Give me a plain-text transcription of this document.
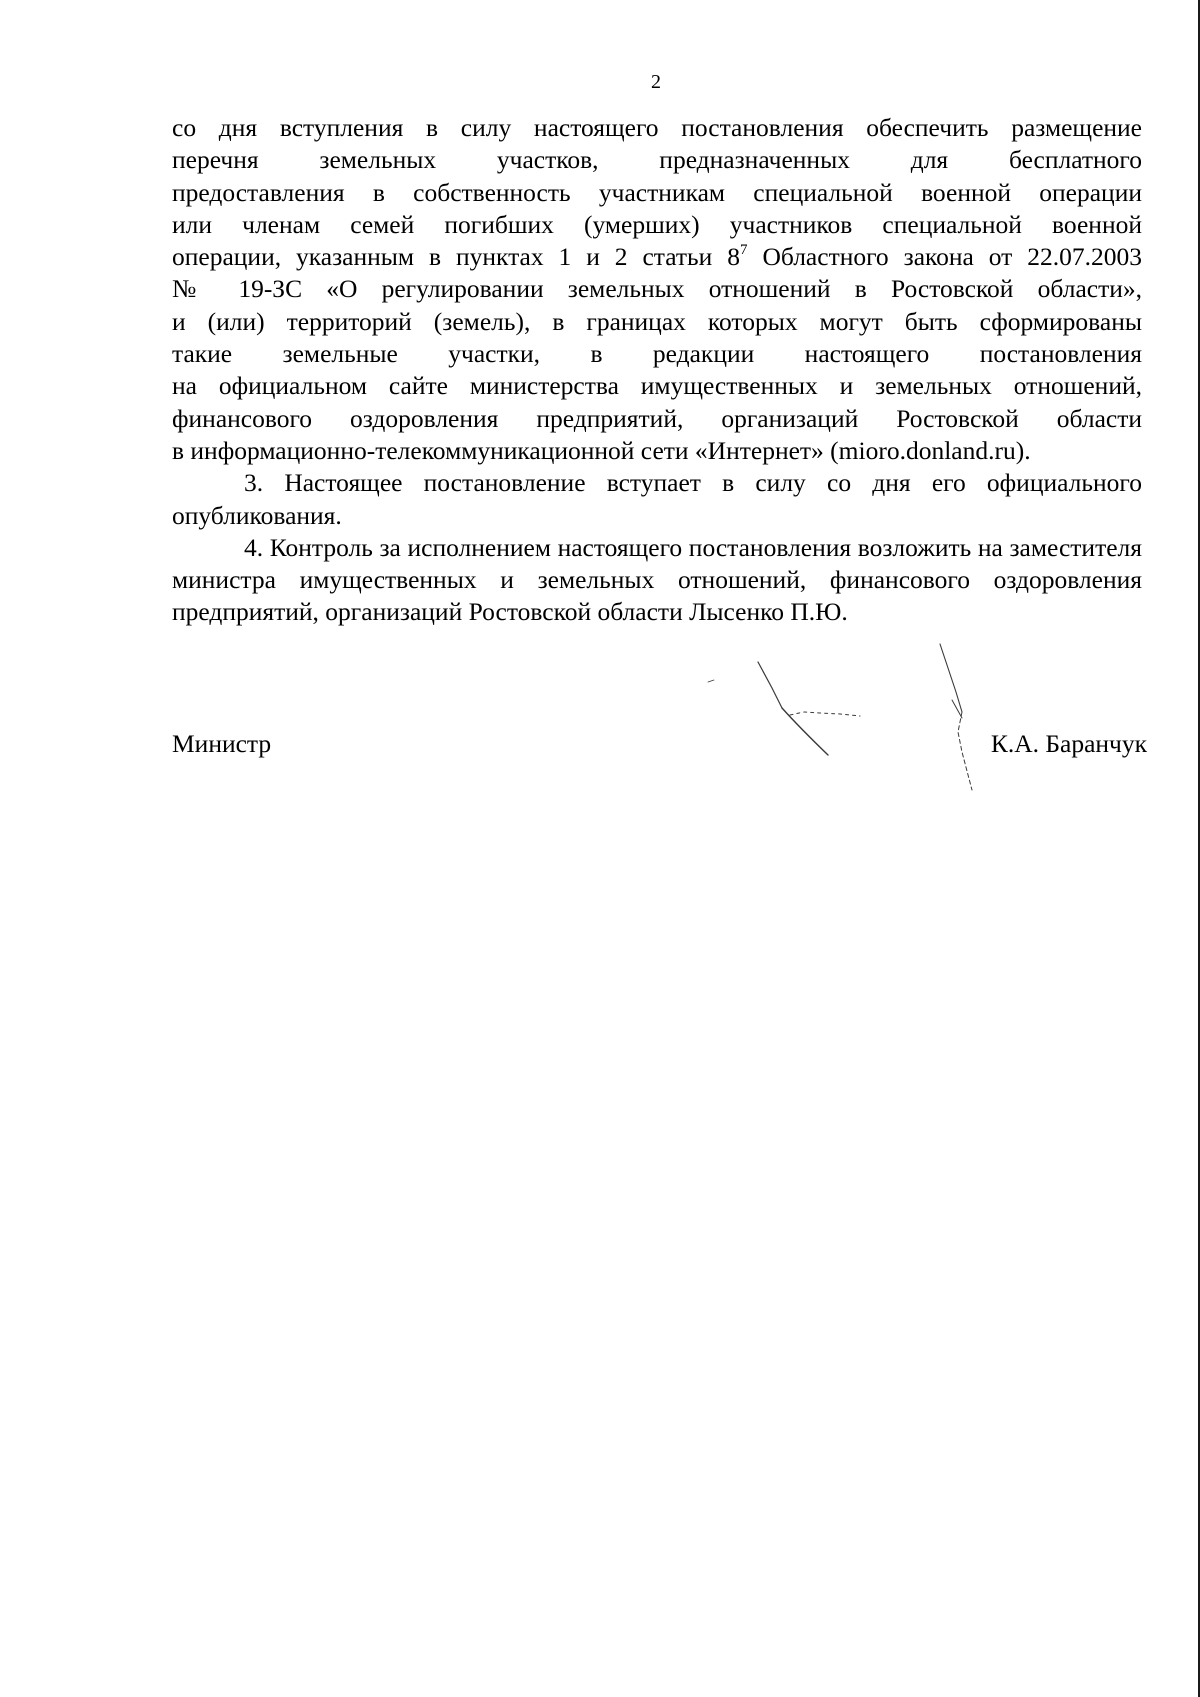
2

со дня вступления в силу настоящего постановления обеспечить размещение
перечня земельных участков, предназначенных для бесплатного
предоставления в собственность участникам специальной военной операции
или членам семей погибших (умерших) участников специальной военной
операции, указанным в пунктах 1 и 2 статьи 8$^7$ Областного закона от 22.07.2003
№ 19-ЗС «О регулировании земельных отношений в Ростовской области»,
и (или) территорий (земель), в границах которых могут быть сформированы
такие земельные участки, в редакции настоящего постановления
на официальном сайте министерства имущественных и земельных отношений,
финансового оздоровления предприятий, организаций Ростовской области
в информационно-телекоммуникационной сети «Интернет» (mioro.donland.ru).

3. Настоящее постановление вступает в силу со дня его официального опубликования.

4. Контроль за исполнением настоящего постановления возложить на заместителя министра имущественных и земельных отношений, финансового оздоровления предприятий, организаций Ростовской области Лысенко П.Ю.

Министр	К.А. Баранчук
